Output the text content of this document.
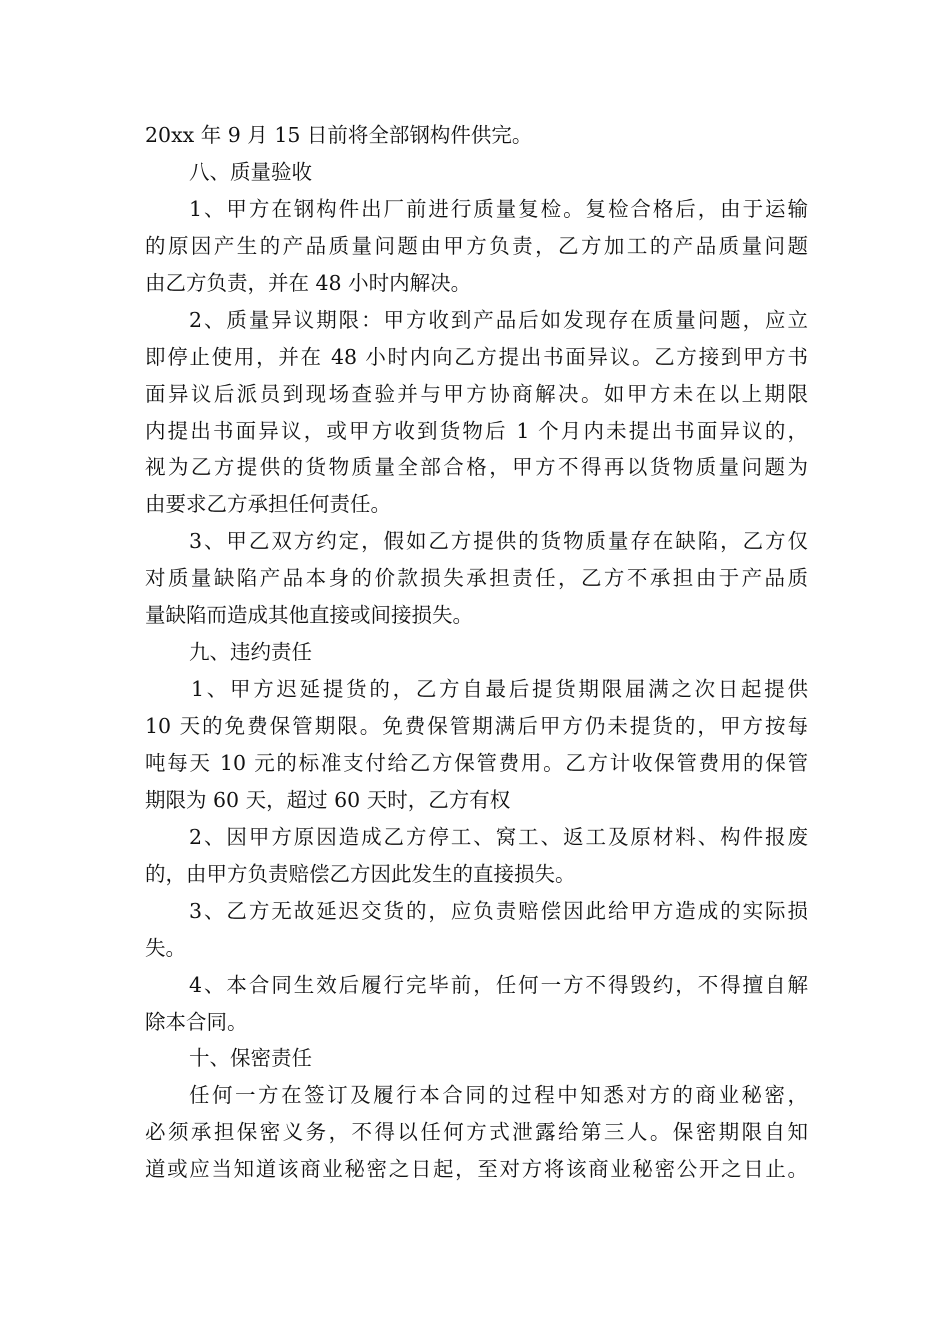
20xx 年 9 月 15 日前将全部钢构件供完。
八、质量验收
1、甲方在钢构件出厂前进行质量复检。复检合格后，由于运输
的原因产生的产品质量问题由甲方负责，乙方加工的产品质量问题
由乙方负责，并在 48 小时内解决。
2、质量异议期限：甲方收到产品后如发现存在质量问题，应立
即停止使用，并在 48 小时内向乙方提出书面异议。乙方接到甲方书
面异议后派员到现场查验并与甲方协商解决。如甲方未在以上期限
内提出书面异议，或甲方收到货物后 1 个月内未提出书面异议的，
视为乙方提供的货物质量全部合格，甲方不得再以货物质量问题为
由要求乙方承担任何责任。
3、甲乙双方约定，假如乙方提供的货物质量存在缺陷，乙方仅
对质量缺陷产品本身的价款损失承担责任，乙方不承担由于产品质
量缺陷而造成其他直接或间接损失。
九、违约责任
1、甲方迟延提货的，乙方自最后提货期限届满之次日起提供
10 天的免费保管期限。免费保管期满后甲方仍未提货的，甲方按每
吨每天 10 元的标准支付给乙方保管费用。乙方计收保管费用的保管
期限为 60 天，超过 60 天时，乙方有权
2、因甲方原因造成乙方停工、窝工、返工及原材料、构件报废
的，由甲方负责赔偿乙方因此发生的直接损失。
3、乙方无故延迟交货的，应负责赔偿因此给甲方造成的实际损
失。
4、本合同生效后履行完毕前，任何一方不得毁约，不得擅自解
除本合同。
十、保密责任
任何一方在签订及履行本合同的过程中知悉对方的商业秘密，
必须承担保密义务，不得以任何方式泄露给第三人。保密期限自知
道或应当知道该商业秘密之日起，至对方将该商业秘密公开之日止。
